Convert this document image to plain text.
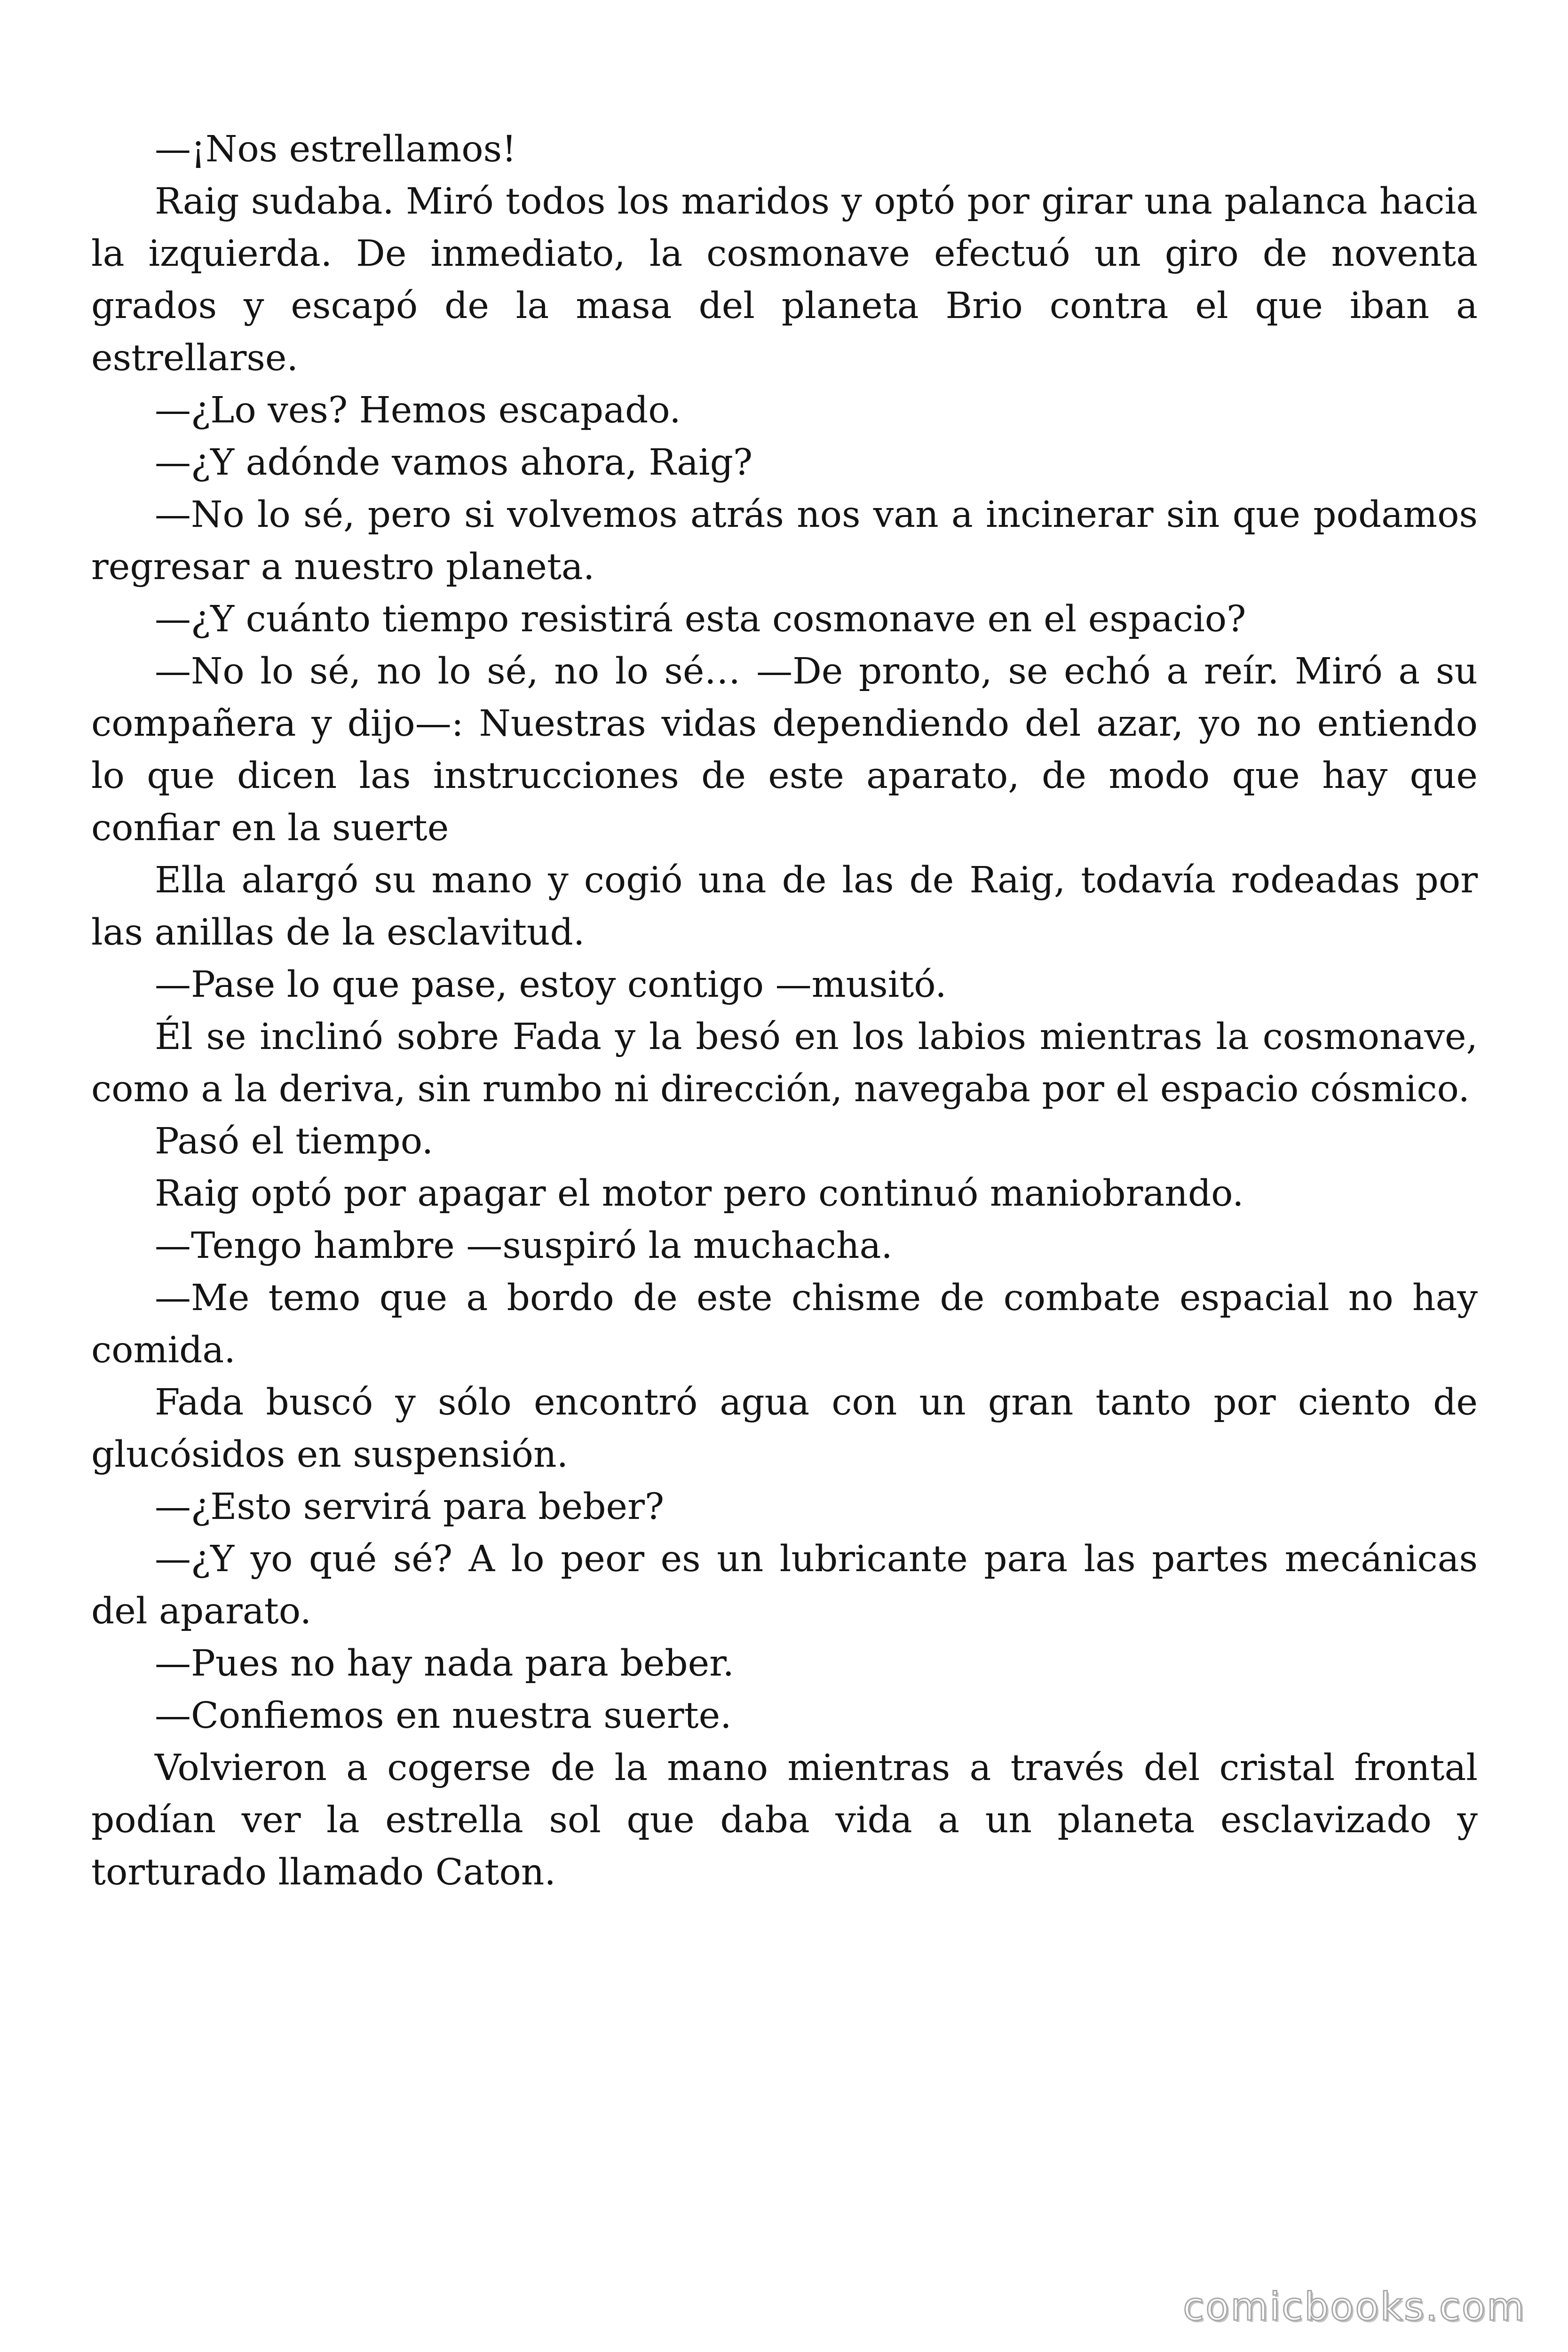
—¡Nos estrellamos!

Raig sudaba. Miró todos los maridos y optó por girar una palanca hacia la izquierda. De inmediato, la cosmonave efectuó un giro de noventa grados y escapó de la masa del planeta Brio contra el que iban a estrellarse.

—¿Lo ves? Hemos escapado.

—¿Y adónde vamos ahora, Raig?

—No lo sé, pero si volvemos atrás nos van a incinerar sin que podamos regresar a nuestro planeta.

—¿Y cuánto tiempo resistirá esta cosmonave en el espacio?

—No lo sé, no lo sé, no lo sé… —De pronto, se echó a reír. Miró a su compañera y dijo—: Nuestras vidas dependiendo del azar, yo no entiendo lo que dicen las instrucciones de este aparato, de modo que hay que confiar en la suerte

Ella alargó su mano y cogió una de las de Raig, todavía rodeadas por las anillas de la esclavitud.

—Pase lo que pase, estoy contigo —musitó.

Él se inclinó sobre Fada y la besó en los labios mientras la cosmonave, como a la deriva, sin rumbo ni dirección, navegaba por el espacio cósmico.

Pasó el tiempo.

Raig optó por apagar el motor pero continuó maniobrando.

—Tengo hambre —suspiró la muchacha.

—Me temo que a bordo de este chisme de combate espacial no hay comida.

Fada buscó y sólo encontró agua con un gran tanto por ciento de glucósidos en suspensión.

—¿Esto servirá para beber?

—¿Y yo qué sé? A lo peor es un lubricante para las partes mecánicas del aparato.

—Pues no hay nada para beber.

—Confiemos en nuestra suerte.

Volvieron a cogerse de la mano mientras a través del cristal frontal podían ver la estrella sol que daba vida a un planeta esclavizado y torturado llamado Caton.

comicbooks.com
